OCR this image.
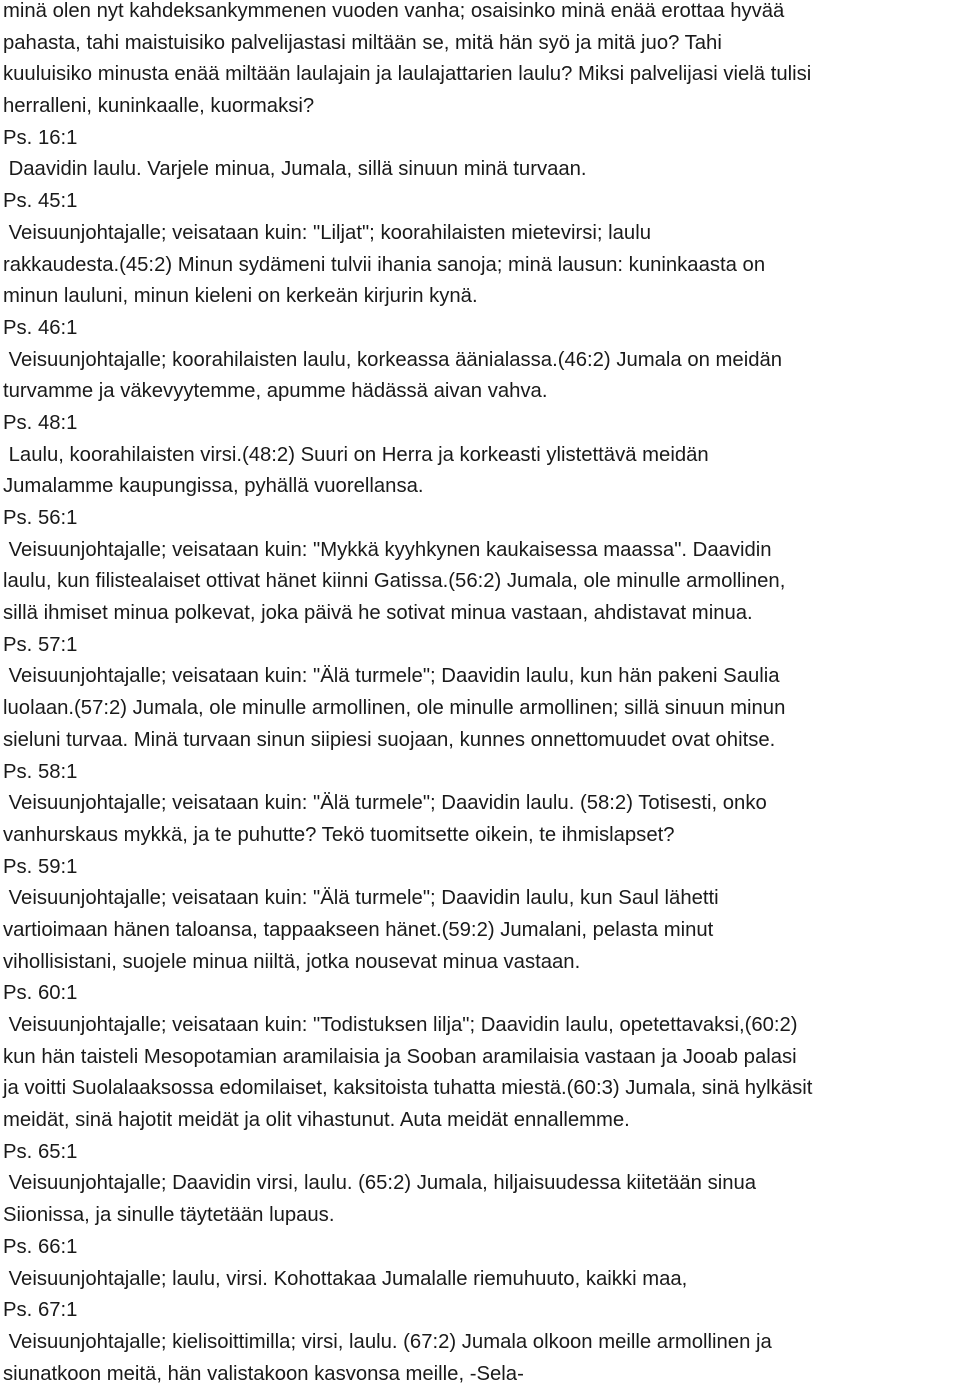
minä olen nyt kahdeksankymmenen vuoden vanha; osaisinko minä enää erottaa hyvää
pahasta, tahi maistuisiko palvelijastasi miltään se, mitä hän syö ja mitä juo? Tahi
kuuluisiko minusta enää miltään laulajain ja laulajattarien laulu? Miksi palvelijasi vielä tulisi
herralleni, kuninkaalle, kuormaksi?
Ps. 16:1
Daavidin laulu. Varjele minua, Jumala, sillä sinuun minä turvaan.
Ps. 45:1
Veisuunjohtajalle; veisataan kuin: "Liljat"; koorahilaisten mietevirsi; laulu
rakkaudesta.(45:2) Minun sydämeni tulvii ihania sanoja; minä lausun: kuninkaasta on
minun lauluni, minun kieleni on kerkeän kirjurin kynä.
Ps. 46:1
Veisuunjohtajalle; koorahilaisten laulu, korkeassa äänialassa.(46:2) Jumala on meidän
turvamme ja väkevyytemme, apumme hädässä aivan vahva.
Ps. 48:1
Laulu, koorahilaisten virsi.(48:2) Suuri on Herra ja korkeasti ylistettävä meidän
Jumalamme kaupungissa, pyhällä vuorellansa.
Ps. 56:1
Veisuunjohtajalle; veisataan kuin: "Mykkä kyyhkynen kaukaisessa maassa". Daavidin
laulu, kun filistealaiset ottivat hänet kiinni Gatissa.(56:2) Jumala, ole minulle armollinen,
sillä ihmiset minua polkevat, joka päivä he sotivat minua vastaan, ahdistavat minua.
Ps. 57:1
Veisuunjohtajalle; veisataan kuin: "Älä turmele"; Daavidin laulu, kun hän pakeni Saulia
luolaan.(57:2) Jumala, ole minulle armollinen, ole minulle armollinen; sillä sinuun minun
sieluni turvaa. Minä turvaan sinun siipiesi suojaan, kunnes onnettomuudet ovat ohitse.
Ps. 58:1
Veisuunjohtajalle; veisataan kuin: "Älä turmele"; Daavidin laulu. (58:2) Totisesti, onko
vanhurskaus mykkä, ja te puhutte? Tekö tuomitsette oikein, te ihmislapset?
Ps. 59:1
Veisuunjohtajalle; veisataan kuin: "Älä turmele"; Daavidin laulu, kun Saul lähetti
vartioimaan hänen taloansa, tappaakseen hänet.(59:2) Jumalani, pelasta minut
vihollisistani, suojele minua niiltä, jotka nousevat minua vastaan.
Ps. 60:1
Veisuunjohtajalle; veisataan kuin: "Todistuksen lilja"; Daavidin laulu, opetettavaksi,(60:2)
kun hän taisteli Mesopotamian aramilaisia ja Sooban aramilaisia vastaan ja Jooab palasi
ja voitti Suolalaaksossa edomilaiset, kaksitoista tuhatta miestä.(60:3) Jumala, sinä hylkäsit
meidät, sinä hajotit meidät ja olit vihastunut. Auta meidät ennallemme.
Ps. 65:1
Veisuunjohtajalle; Daavidin virsi, laulu. (65:2) Jumala, hiljaisuudessa kiitetään sinua
Siionissa, ja sinulle täytetään lupaus.
Ps. 66:1
Veisuunjohtajalle; laulu, virsi. Kohottakaa Jumalalle riemuhuuto, kaikki maa,
Ps. 67:1
Veisuunjohtajalle; kielisoittimilla; virsi, laulu. (67:2) Jumala olkoon meille armollinen ja
siunatkoon meitä, hän valistakoon kasvonsa meille, -Sela-
